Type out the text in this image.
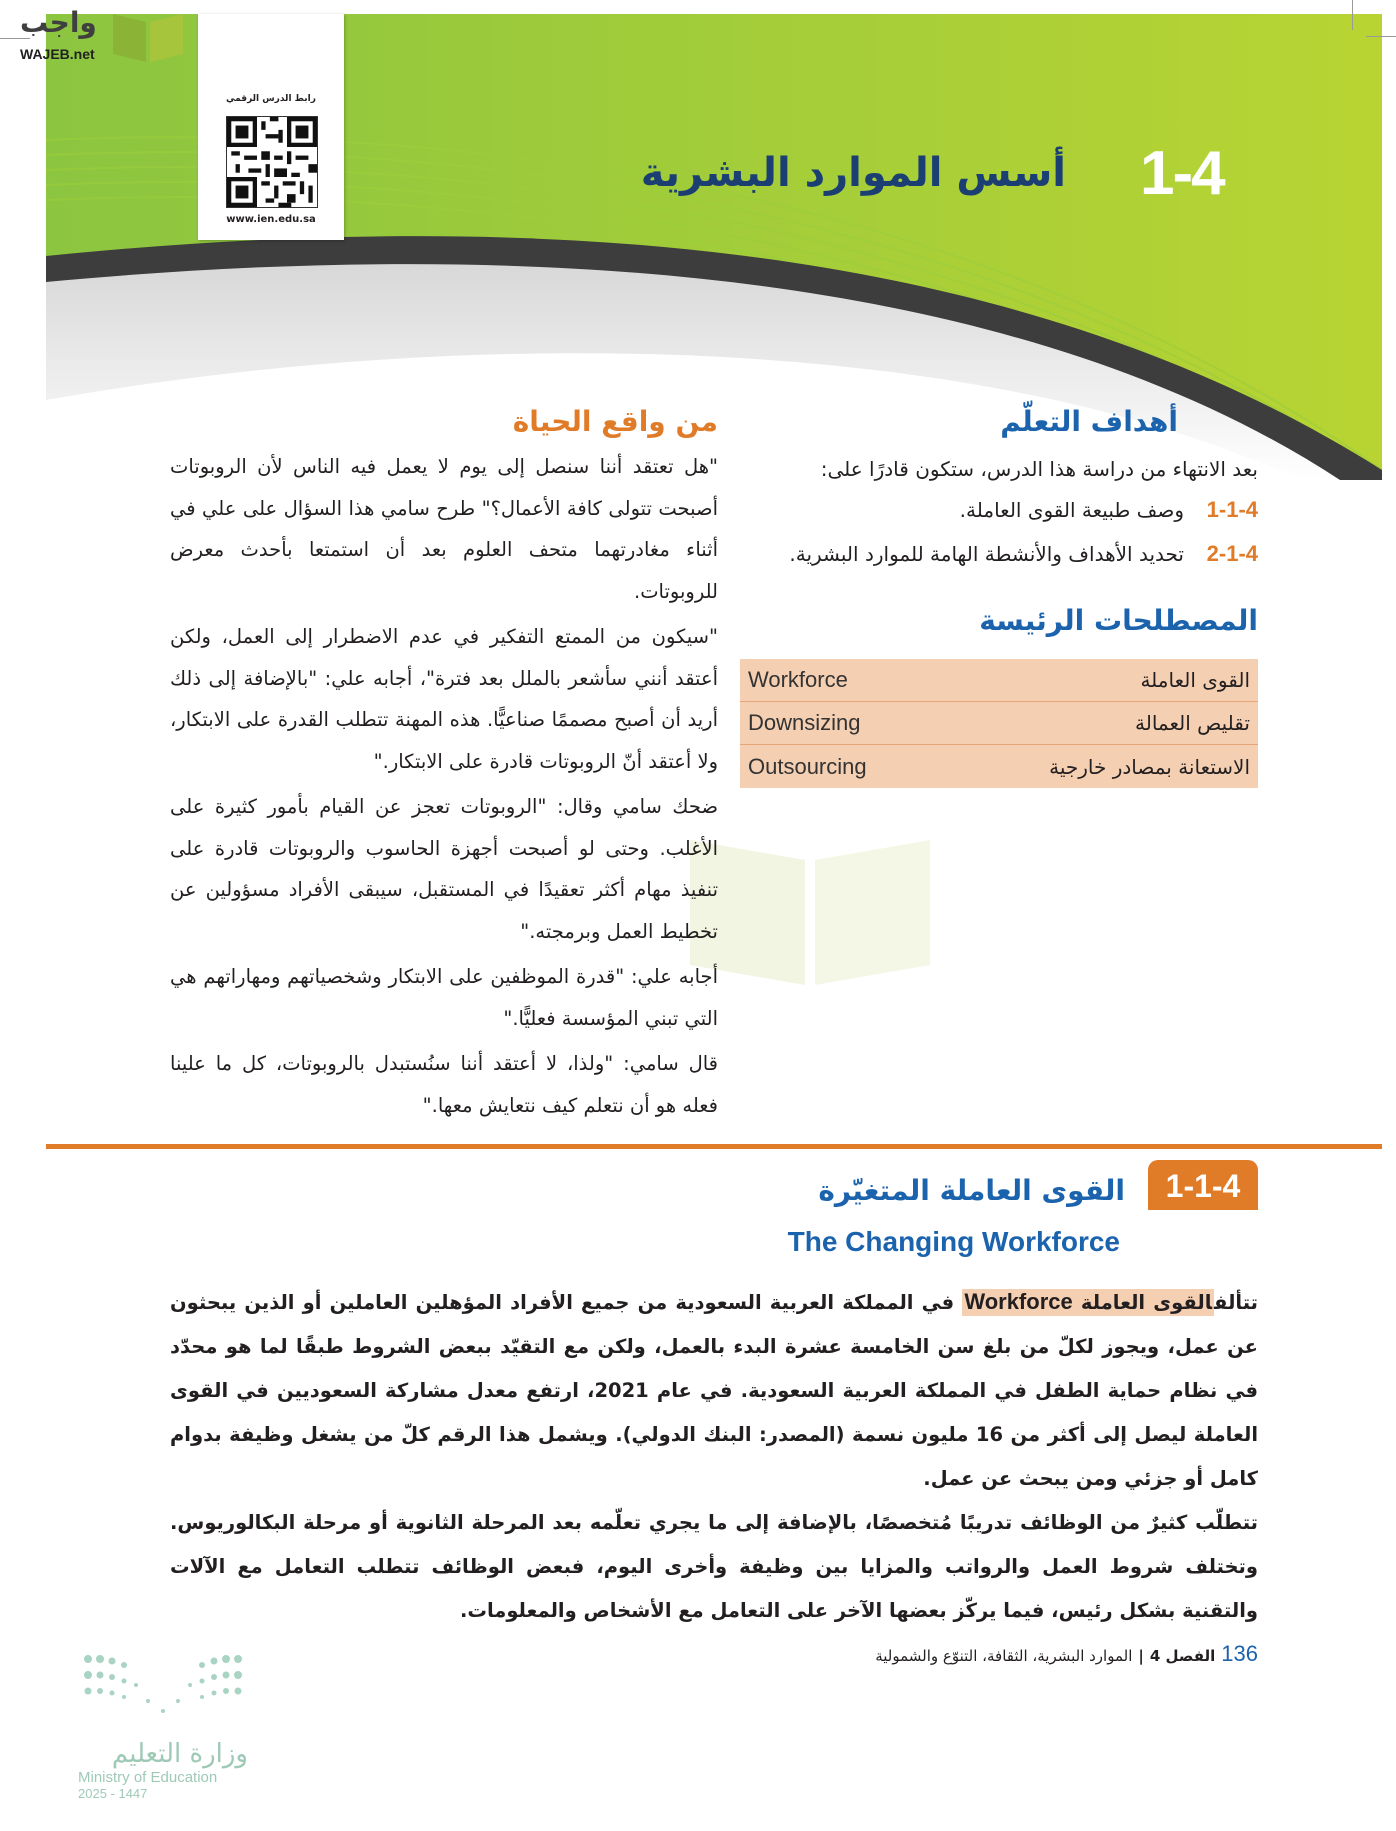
واجب
WAJEB.net
رابط الدرس الرقمي
www.ien.edu.sa
1-4
أسس الموارد البشرية
من واقع الحياة

"هل تعتقد أننا سنصل إلى يوم لا يعمل فيه الناس لأن الروبوتات أصبحت تتولى كافة الأعمال؟" طرح سامي هذا السؤال على علي في أثناء مغادرتهما متحف العلوم بعد أن استمتعا بأحدث معرض للروبوتات.

"سيكون من الممتع التفكير في عدم الاضطرار إلى العمل، ولكن أعتقد أنني سأشعر بالملل بعد فترة"، أجابه علي: "بالإضافة إلى ذلك أريد أن أصبح مصممًا صناعيًّا. هذه المهنة تتطلب القدرة على الابتكار، ولا أعتقد أنّ الروبوتات قادرة على الابتكار."

ضحك سامي وقال: "الروبوتات تعجز عن القيام بأمور كثيرة على الأغلب. وحتى لو أصبحت أجهزة الحاسوب والروبوتات قادرة على تنفيذ مهام أكثر تعقيدًا في المستقبل، سيبقى الأفراد مسؤولين عن تخطيط العمل وبرمجته."

أجابه علي: "قدرة الموظفين على الابتكار وشخصياتهم ومهاراتهم هي التي تبني المؤسسة فعليًّا."

قال سامي: "ولذا، لا أعتقد أننا سنُستبدل بالروبوتات، كل ما علينا فعله هو أن نتعلم كيف نتعايش معها."

أهداف التعلّم
بعد الانتهاء من دراسة هذا الدرس، ستكون قادرًا على:
1-1-4
وصف طبيعة القوى العاملة.
2-1-4
تحديد الأهداف والأنشطة الهامة للموارد البشرية.
المصطلحات الرئيسة
Workforce	القوى العاملة
Downsizing	تقليص العمالة
Outsourcing	الاستعانة بمصادر خارجية
1-1-4
القوى العاملة المتغيّرة
The Changing Workforce

تتألفالقوى العاملة Workforce في المملكة العربية السعودية من جميع الأفراد المؤهلين العاملين أو الذين يبحثون عن عمل، ويجوز لكلّ من بلغ سن الخامسة عشرة البدء بالعمل، ولكن مع التقيّد ببعض الشروط طبقًا لما هو محدّد في نظام حماية الطفل في المملكة العربية السعودية. في عام 2021، ارتفع معدل مشاركة السعوديين في القوى العاملة ليصل إلى أكثر من 16 مليون نسمة (المصدر: البنك الدولي). ويشمل هذا الرقم كلّ من يشغل وظيفة بدوام كامل أو جزئي ومن يبحث عن عمل.

تتطلّب كثيرٌ من الوظائف تدريبًا مُتخصصًا، بالإضافة إلى ما يجري تعلّمه بعد المرحلة الثانوية أو مرحلة البكالوريوس. وتختلف شروط العمل والرواتب والمزايا بين وظيفة وأخرى اليوم، فبعض الوظائف تتطلب التعامل مع الآلات والتقنية بشكل رئيس، فيما يركّز بعضها الآخر على التعامل مع الأشخاص والمعلومات.

وزارة التعليم
Ministry of Education
2025 - 1447
136
الفصل 4
|
الموارد البشرية، الثقافة، التنوّع والشمولية
